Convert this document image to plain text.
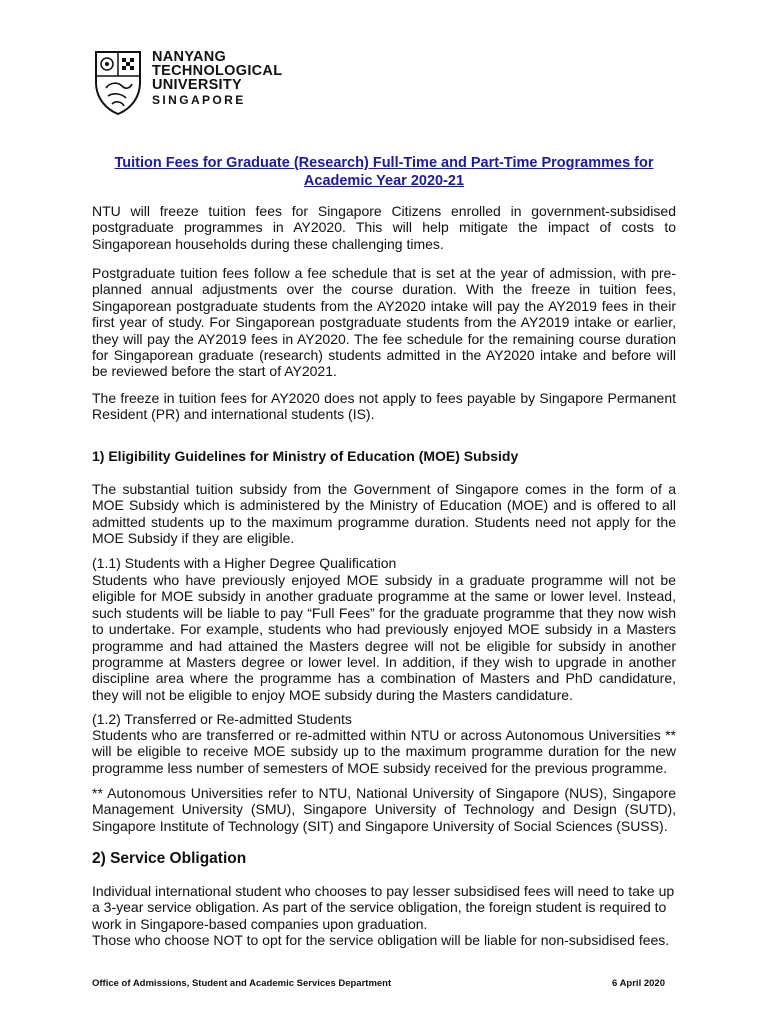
NANYANG
TECHNOLOGICAL
UNIVERSITY
SINGAPORE
Tuition Fees for Graduate (Research) Full-Time and Part-Time Programmes for Academic Year 2020-21

NTU will freeze tuition fees for Singapore Citizens enrolled in government-subsidised postgraduate programmes in AY2020. This will help mitigate the impact of costs to Singaporean households during these challenging times.

Postgraduate tuition fees follow a fee schedule that is set at the year of admission, with pre-planned annual adjustments over the course duration. With the freeze in tuition fees, Singaporean postgraduate students from the AY2020 intake will pay the AY2019 fees in their first year of study. For Singaporean postgraduate students from the AY2019 intake or earlier, they will pay the AY2019 fees in AY2020. The fee schedule for the remaining course duration for Singaporean graduate (research) students admitted in the AY2020 intake and before will be reviewed before the start of AY2021.

The freeze in tuition fees for AY2020 does not apply to fees payable by Singapore Permanent Resident (PR) and international students (IS).

1) Eligibility Guidelines for Ministry of Education (MOE) Subsidy

The substantial tuition subsidy from the Government of Singapore comes in the form of a MOE Subsidy which is administered by the Ministry of Education (MOE) and is offered to all admitted students up to the maximum programme duration. Students need not apply for the MOE Subsidy if they are eligible.

(1.1) Students with a Higher Degree Qualification

Students who have previously enjoyed MOE subsidy in a graduate programme will not be eligible for MOE subsidy in another graduate programme at the same or lower level. Instead, such students will be liable to pay “Full Fees” for the graduate programme that they now wish to undertake. For example, students who had previously enjoyed MOE subsidy in a Masters programme and had attained the Masters degree will not be eligible for subsidy in another programme at Masters degree or lower level. In addition, if they wish to upgrade in another discipline area where the programme has a combination of Masters and PhD candidature, they will not be eligible to enjoy MOE subsidy during the Masters candidature.

(1.2) Transferred or Re-admitted Students

Students who are transferred or re-admitted within NTU or across Autonomous Universities ** will be eligible to receive MOE subsidy up to the maximum programme duration for the new programme less number of semesters of MOE subsidy received for the previous programme.

** Autonomous Universities refer to NTU, National University of Singapore (NUS), Singapore Management University (SMU), Singapore University of Technology and Design (SUTD), Singapore Institute of Technology (SIT) and Singapore University of Social Sciences (SUSS).

2) Service Obligation

Individual international student who chooses to pay lesser subsidised fees will need to take up a 3-year service obligation. As part of the service obligation, the foreign student is required to work in Singapore-based companies upon graduation.

Those who choose NOT to opt for the service obligation will be liable for non-subsidised fees.

Office of Admissions, Student and Academic Services Department	6 April 2020
